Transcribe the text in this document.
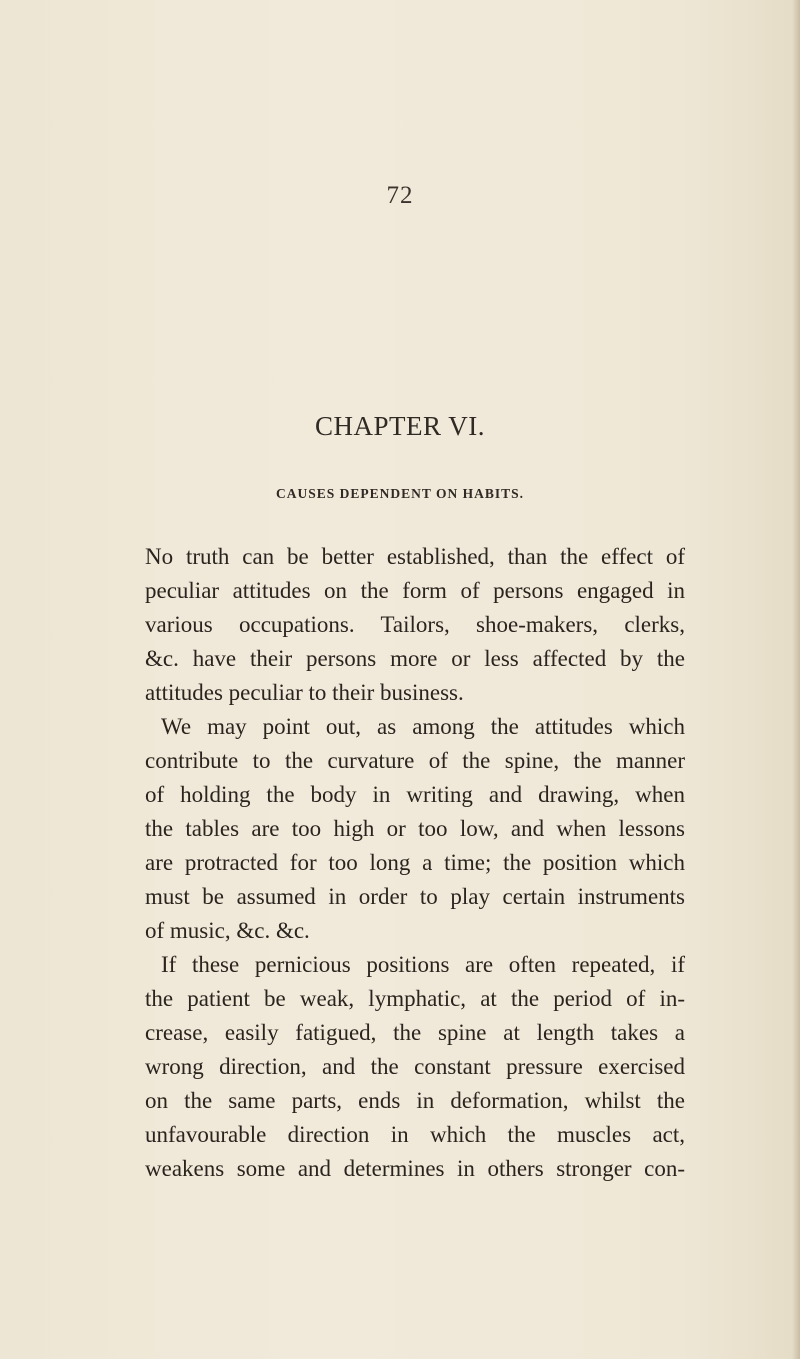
72
CHAPTER VI.
CAUSES DEPENDENT ON HABITS.
No truth can be better established, than the effect of
peculiar attitudes on the form of persons engaged in
various occupations. Tailors, shoe-makers, clerks,
&c. have their persons more or less affected by the
attitudes peculiar to their business.
We may point out, as among the attitudes which
contribute to the curvature of the spine, the manner
of holding the body in writing and drawing, when
the tables are too high or too low, and when lessons
are protracted for too long a time; the position which
must be assumed in order to play certain instruments
of music, &c. &c.
If these pernicious positions are often repeated, if
the patient be weak, lymphatic, at the period of in-
crease, easily fatigued, the spine at length takes a
wrong direction, and the constant pressure exercised
on the same parts, ends in deformation, whilst the
unfavourable direction in which the muscles act,
weakens some and determines in others stronger con-
